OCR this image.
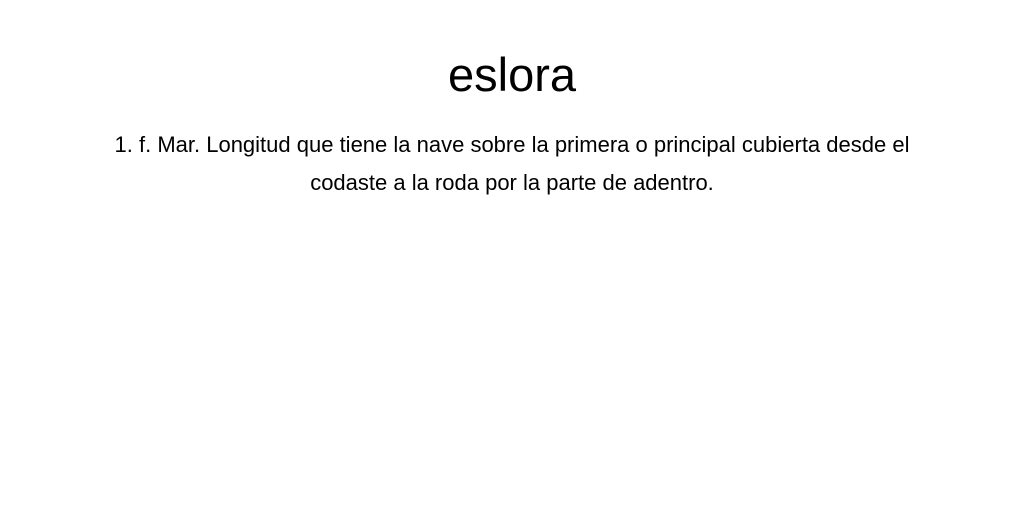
eslora

1. f. Mar. Longitud que tiene la nave sobre la primera o principal cubierta desde el codaste a la roda por la parte de adentro.
